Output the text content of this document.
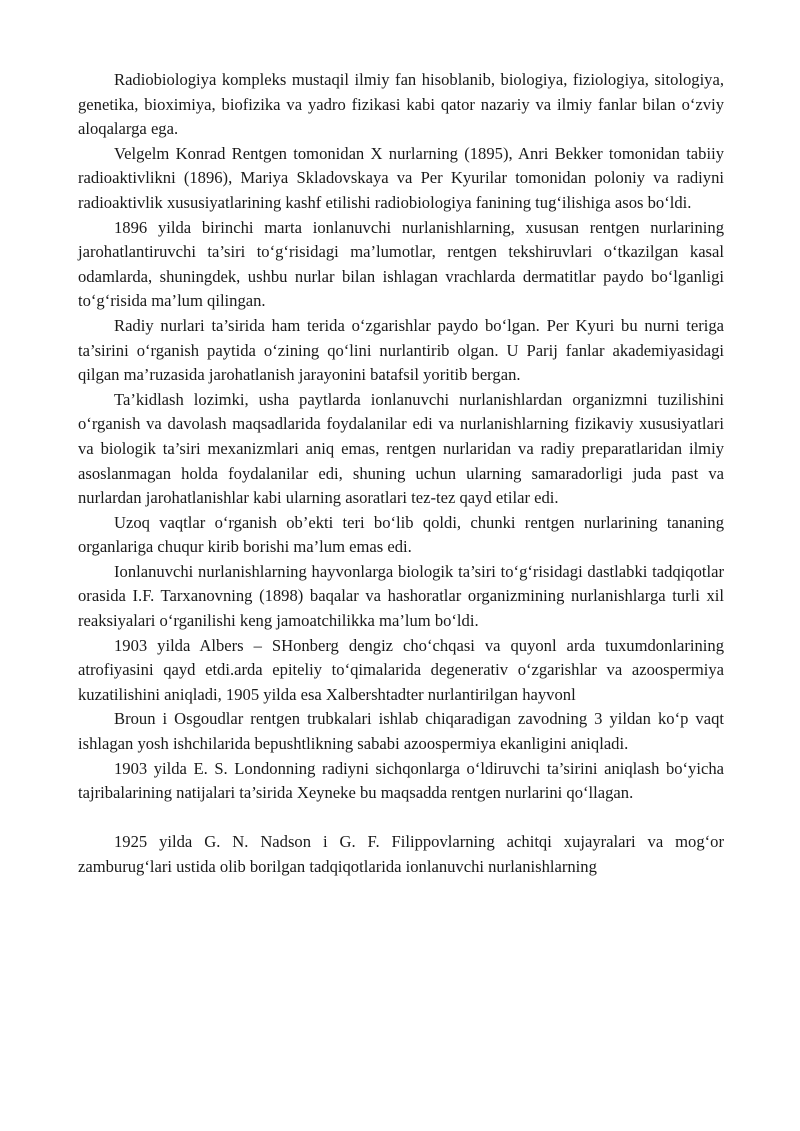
Radiobiologiya kompleks mustaqil ilmiy fan hisoblanib, biologiya, fiziologiya, sitologiya, genetika, bioximiya, biofizika va yadro fizikasi kabi qator nazariy va ilmiy fanlar bilan o‘zviy aloqalarga ega.

Velgelm Konrad Rentgen tomonidan X nurlarning (1895), Anri Bekker tomonidan tabiiy radioaktivlikni (1896), Mariya Skladovskaya va Per Kyurilar tomonidan poloniy va radiyni radioaktivlik xususiyatlarining kashf etilishi radiobiologiya fanining tug‘ilishiga asos bo‘ldi.

1896 yilda birinchi marta ionlanuvchi nurlanishlarning, xususan rentgen nurlarining jarohatlantiruvchi ta’siri to‘g‘risidagi ma’lumotlar, rentgen tekshiruvlari o‘tkazilgan kasal odamlarda, shuningdek, ushbu nurlar bilan ishlagan vrachlarda dermatitlar paydo bo‘lganligi to‘g‘risida ma’lum qilingan.

Radiy nurlari ta’sirida ham terida o‘zgarishlar paydo bo‘lgan. Per Kyuri bu nurni teriga ta’sirini o‘rganish paytida o‘zining qo‘lini nurlantirib olgan. U Parij fanlar akademiyasidagi qilgan ma’ruzasida jarohatlanish jarayonini batafsil yoritib bergan.

Ta’kidlash lozimki, usha paytlarda ionlanuvchi nurlanishlardan organizmni tuzilishini o‘rganish va davolash maqsadlarida foydalanilar edi va nurlanishlarning fizikaviy xususiyatlari va biologik ta’siri mexanizmlari aniq emas, rentgen nurlaridan va radiy preparatlaridan ilmiy asoslanmagan holda foydalanilar edi, shuning uchun ularning samaradorligi juda past va nurlardan jarohatlanishlar kabi ularning asoratlari tez-tez qayd etilar edi.

Uzoq vaqtlar o‘rganish ob’ekti teri bo‘lib qoldi, chunki rentgen nurlarining tananing organlariga chuqur kirib borishi ma’lum emas edi.

Ionlanuvchi nurlanishlarning hayvonlarga biologik ta’siri to‘g‘risidagi dastlabki tadqiqotlar orasida I.F. Tarxanovning (1898) baqalar va hashoratlar organizmining nurlanishlarga turli xil reaksiyalari o‘rganilishi keng jamoatchilikka ma’lum bo‘ldi.

1903 yilda Albers – SHonberg dengiz cho‘chqasi va quyonl arda tuxumdonlarining atrofiyasini qayd etdi.arda epiteliy to‘qimalarida degenerativ o‘zgarishlar va azoospermiya kuzatilishini aniqladi, 1905 yilda esa Xalbershtadter nurlantirilgan hayvonl

Broun i Osgoudlar rentgen trubkalari ishlab chiqaradigan zavodning 3 yildan ko‘p vaqt ishlagan yosh ishchilarida bepushtlikning sababi azoospermiya ekanligini aniqladi.

1903 yilda E. S. Londonning radiyni sichqonlarga o‘ldiruvchi ta’sirini aniqlash bo‘yicha tajribalarining natijalari ta’sirida Xeyneke bu maqsadda rentgen nurlarini qo‘llagan.

1925 yilda G. N. Nadson i G. F. Filippovlarning achitqi xujayralari va mog‘or zamburug‘lari ustida olib borilgan tadqiqotlarida ionlanuvchi nurlanishlarning
